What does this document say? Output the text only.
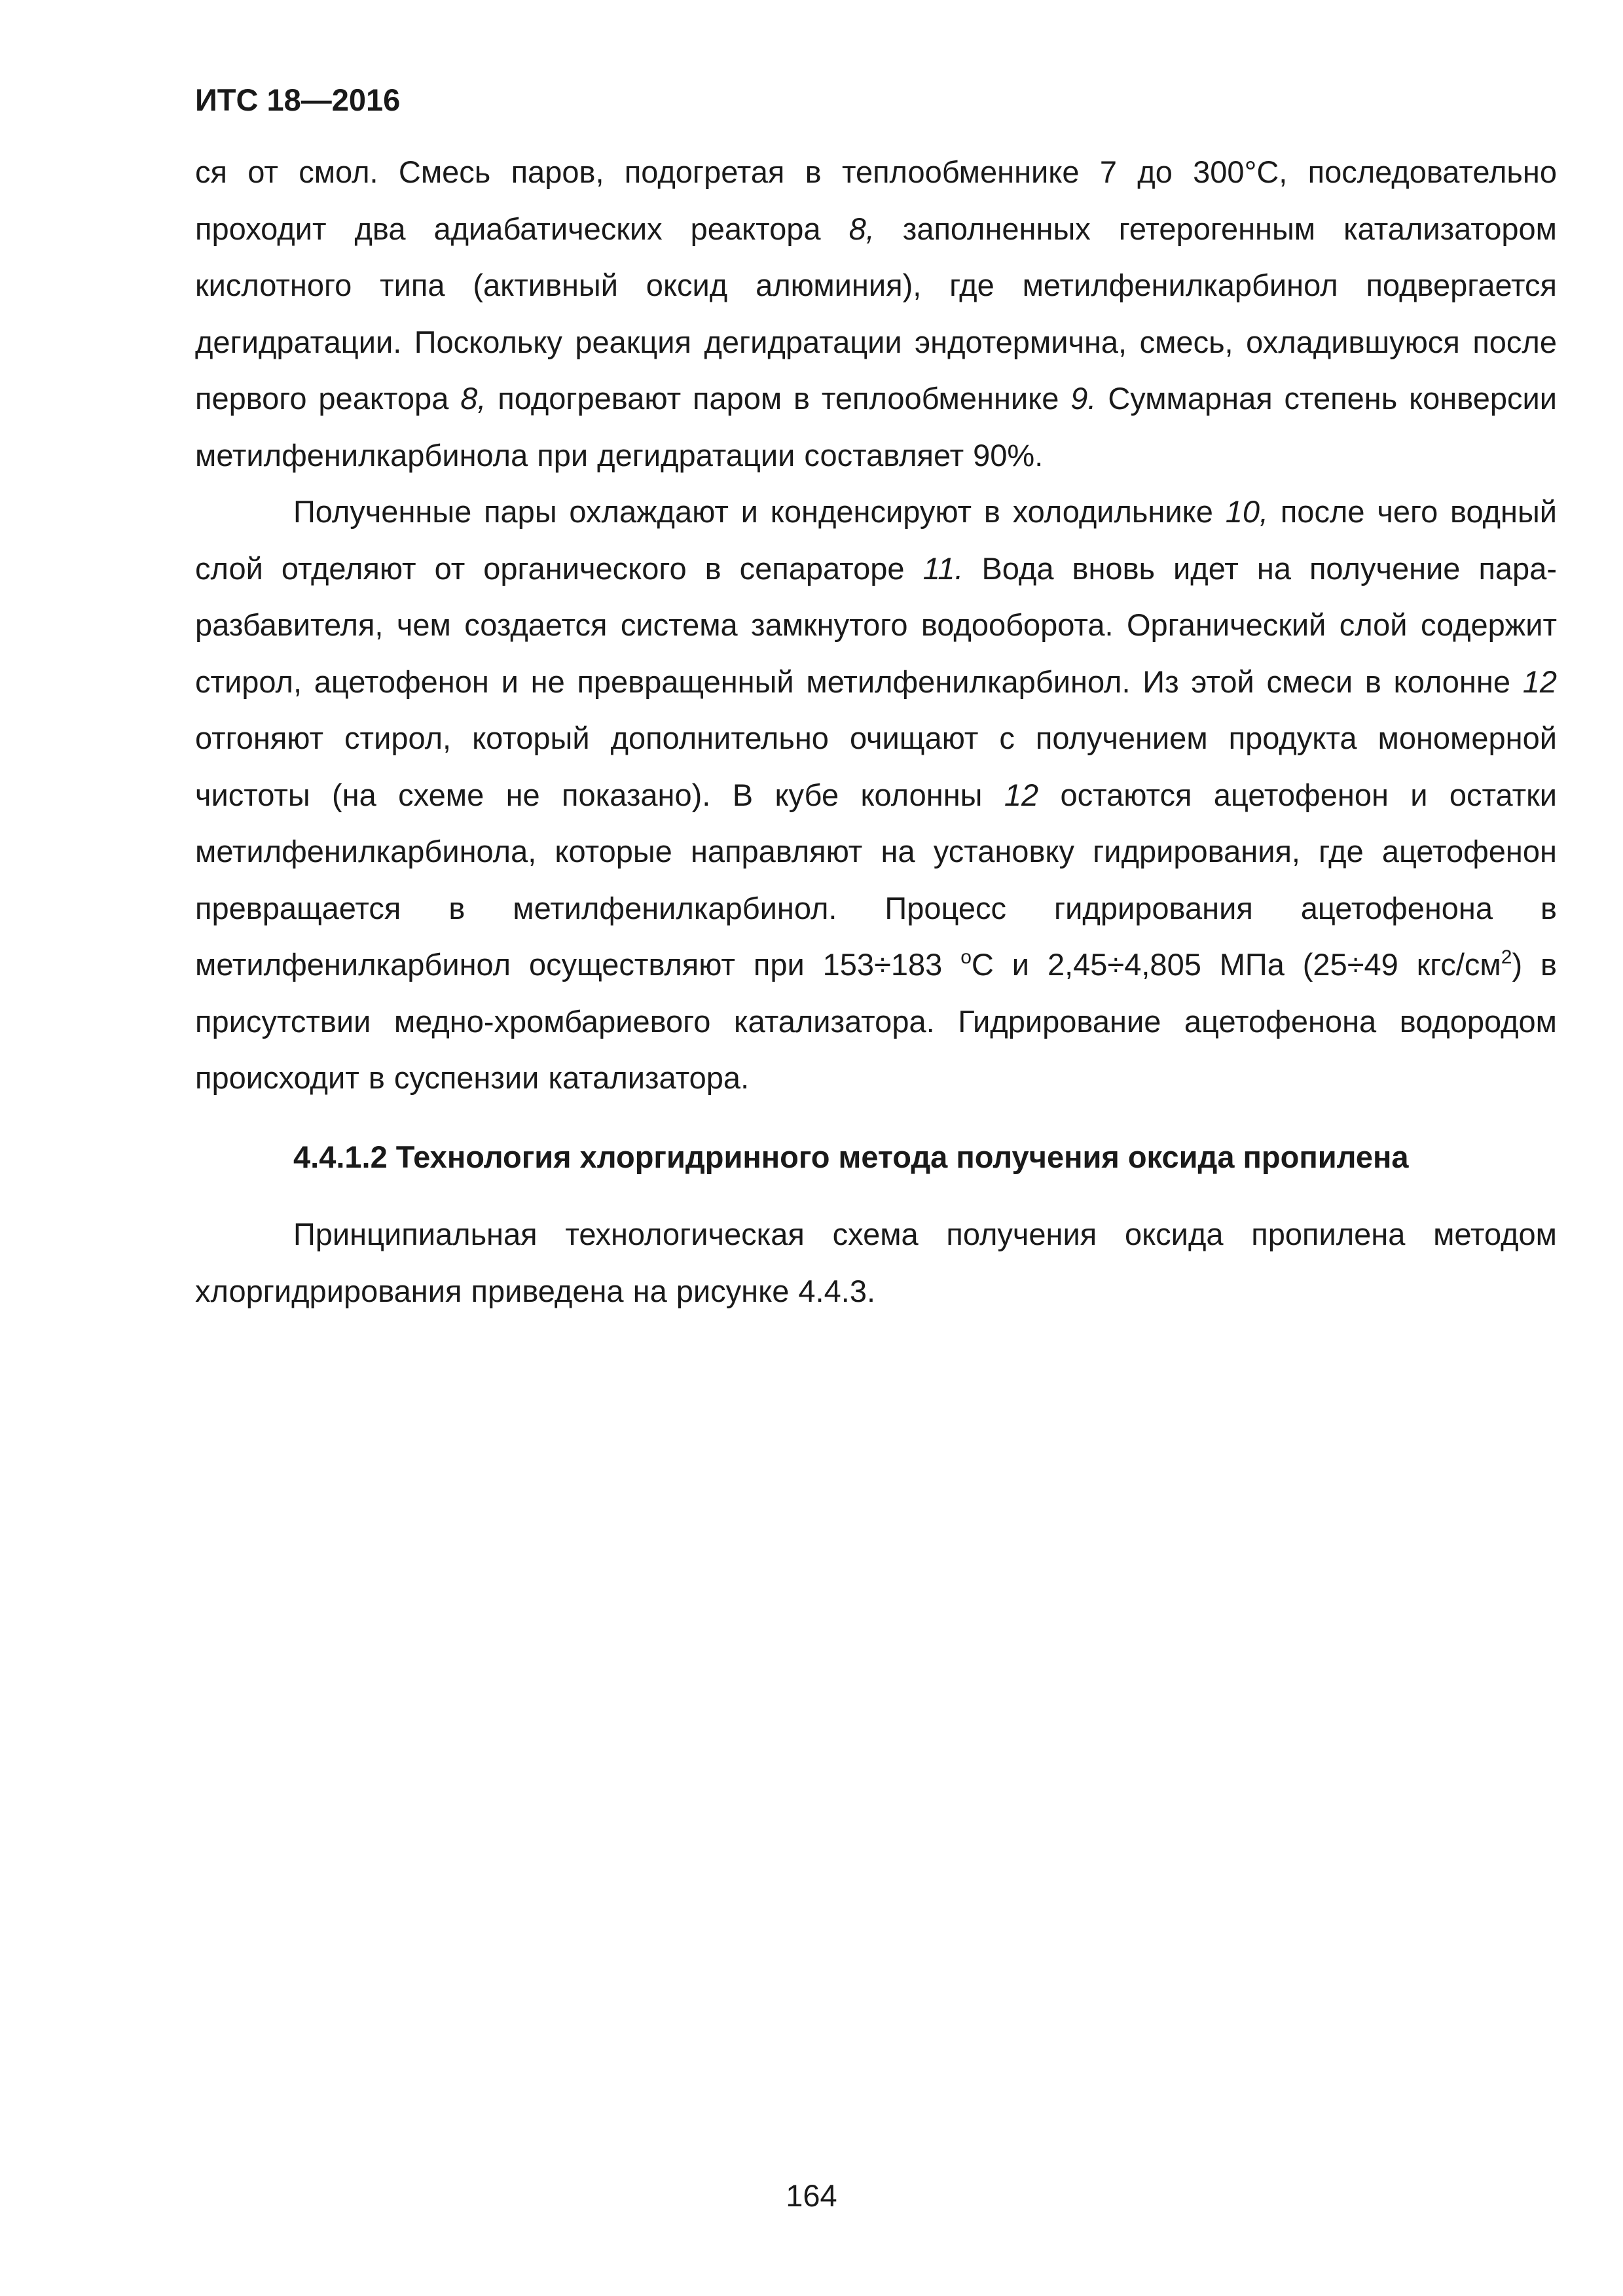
ИТС 18—2016

ся от смол. Смесь паров, подогретая в теплообменнике 7 до 300°С, последовательно проходит два адиабатических реактора 8, заполненных гетерогенным катализатором кислотного типа (активный оксид алюминия), где метилфенилкарбинол подвергается дегидратации. Поскольку реакция дегидратации эндотермична, смесь, охладившуюся после первого реактора 8, подогревают паром в теплообменнике 9. Суммарная степень конверсии метилфенилкарбинола при дегидратации составляет 90%.

Полученные пары охлаждают и конденсируют в холодильнике 10, после чего водный слой отделяют от органического в сепараторе 11. Вода вновь идет на получение пара-разбавителя, чем создается система замкнутого водооборота. Органический слой содержит стирол, ацетофенон и не превращенный метилфенилкарбинол. Из этой смеси в колонне 12 отгоняют стирол, который дополнительно очищают с получением продукта мономерной чистоты (на схеме не показано). В кубе колонны 12 остаются ацетофенон и остатки метилфенилкарбинола, которые направляют на установку гидрирования, где ацетофенон превращается в метилфенилкарбинол. Процесс гидрирования ацетофенона в метилфенилкарбинол осуществляют при 153÷183 $^о$С и 2,45÷4,805 МПа (25÷49 кгс/$см^2$) в присутствии медно-хромбариевого катализатора. Гидрирование ацетофенона водородом происходит в суспензии катализатора.

4.4.1.2 Технология хлоргидринного метода получения оксида пропилена

Принципиальная технологическая схема получения оксида пропилена методом хлоргидрирования приведена на рисунке 4.4.3.

164
